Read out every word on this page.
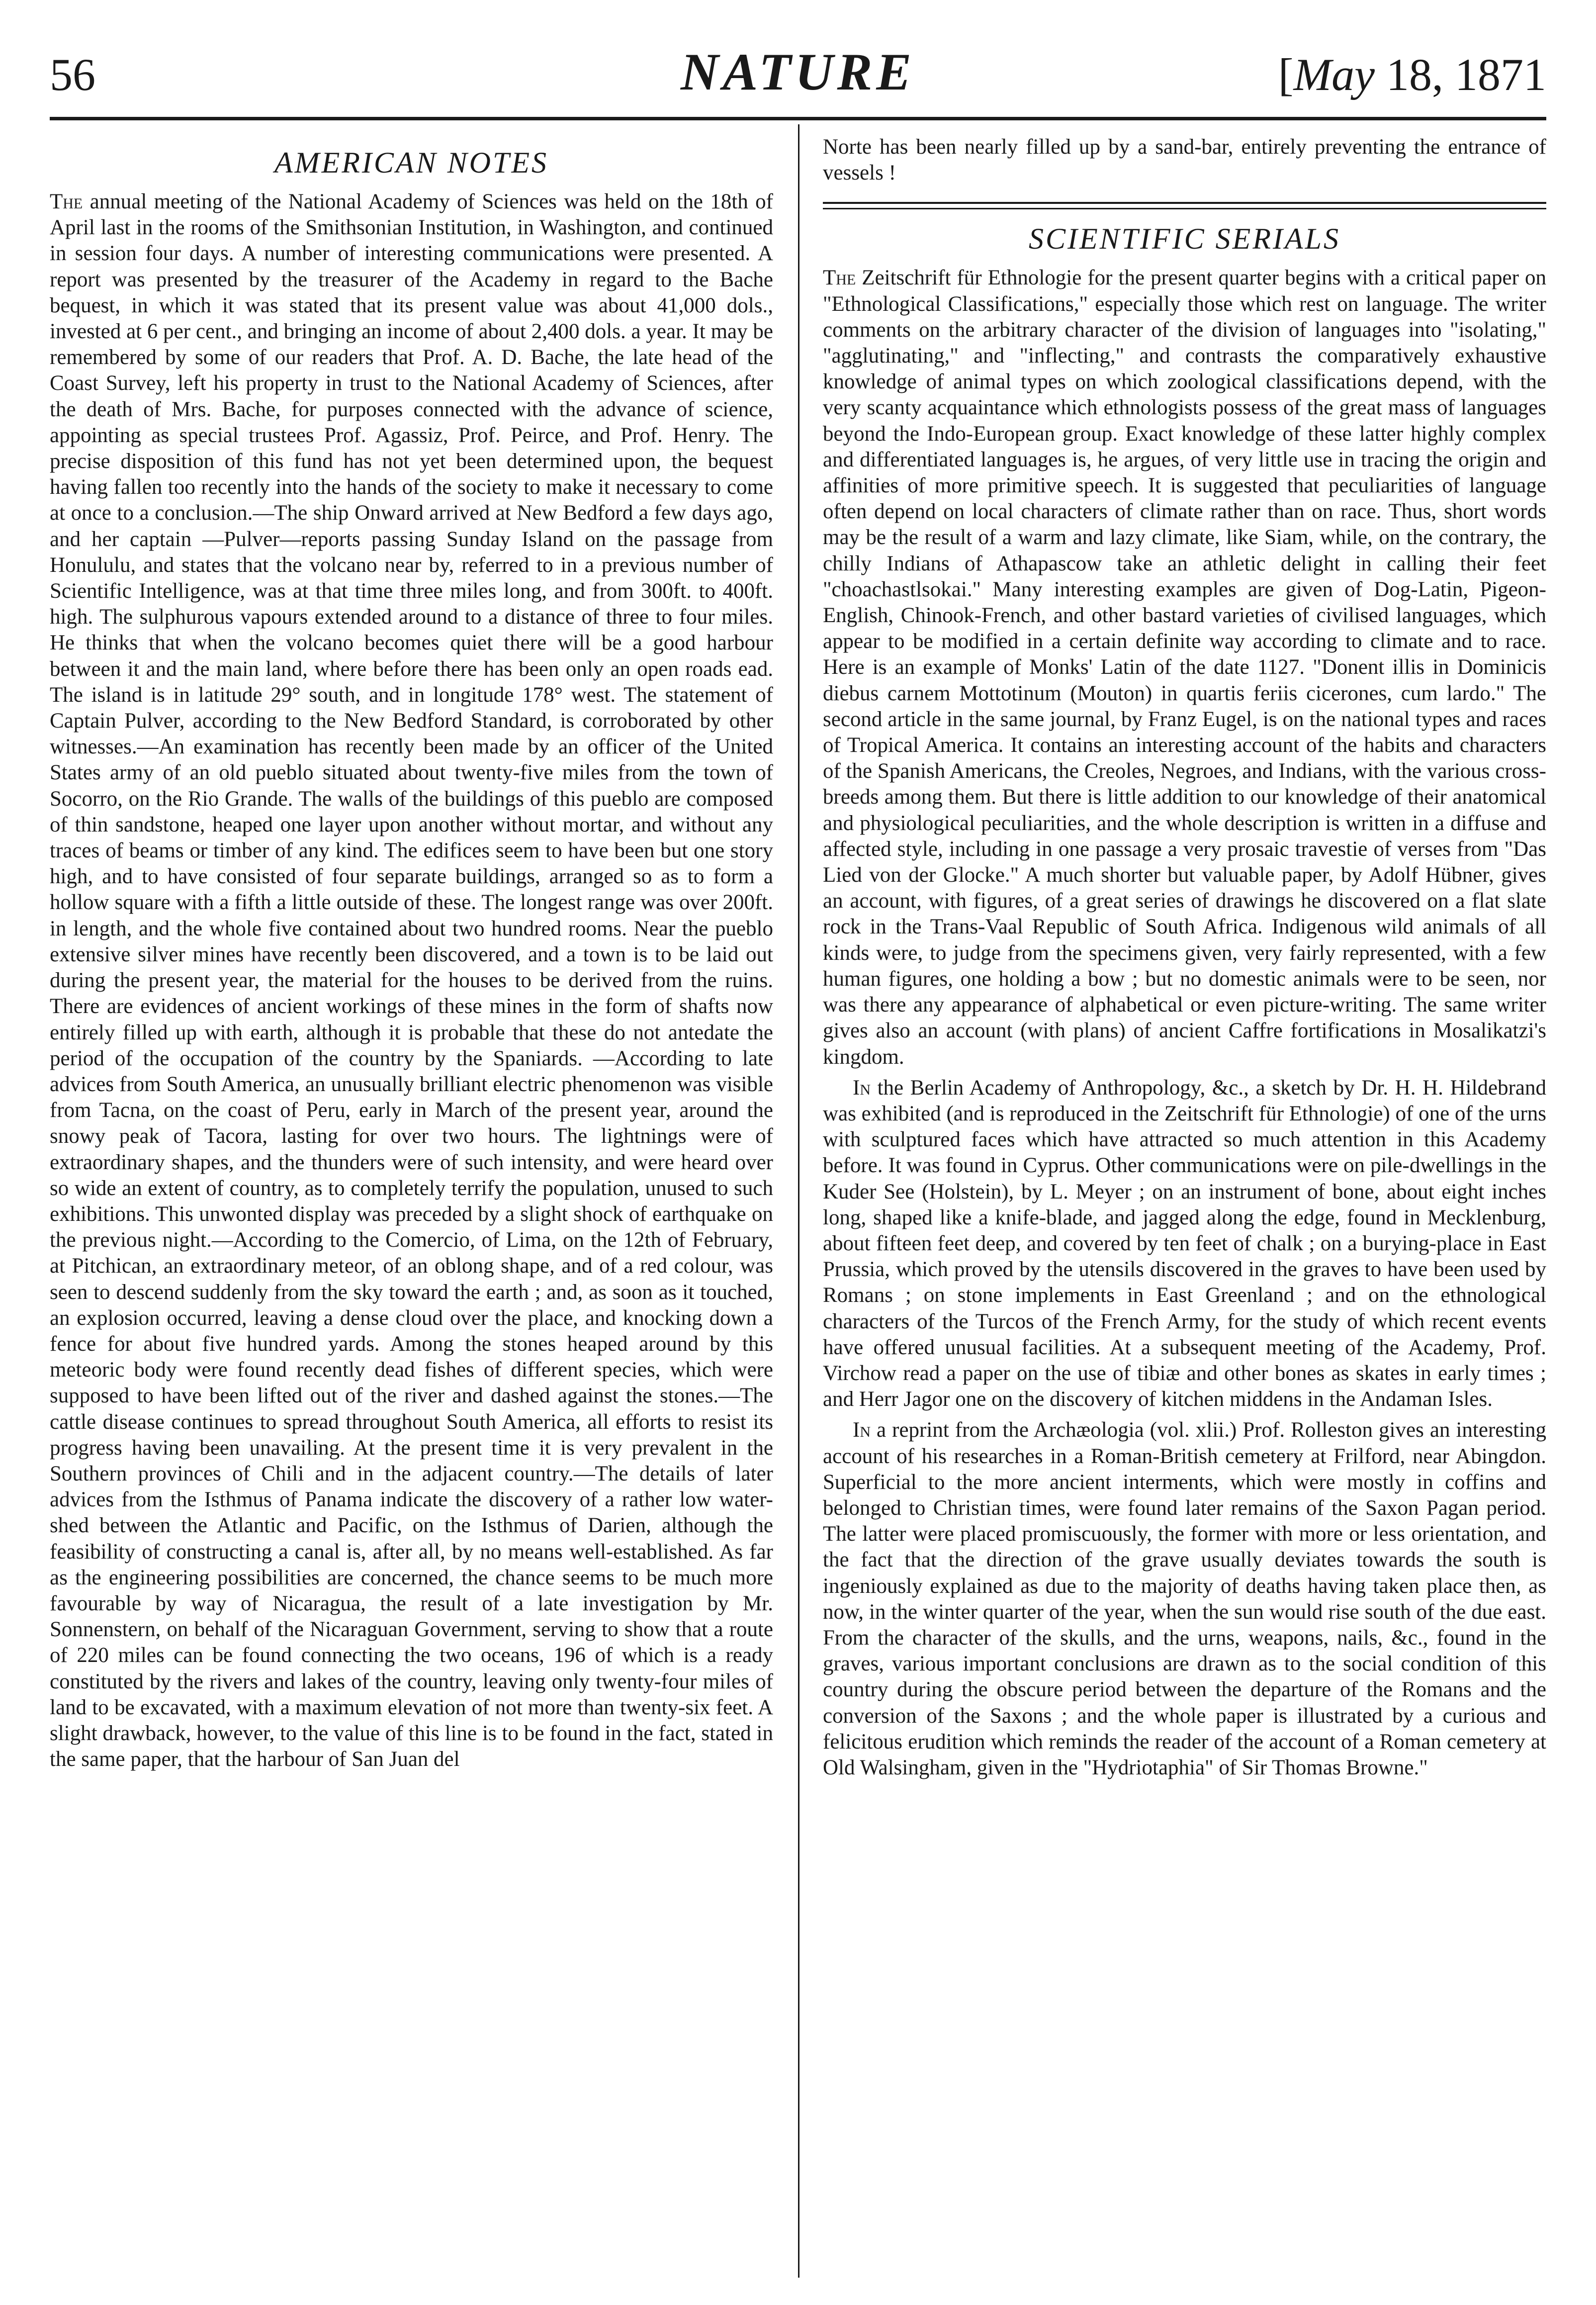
56	NATURE	[May 18, 1871
AMERICAN NOTES

The annual meeting of the National Academy of Sciences was held on the 18th of April last in the rooms of the Smithsonian Institution, in Washington, and continued in session four days. A number of interesting communications were presented. A report was presented by the treasurer of the Academy in regard to the Bache bequest, in which it was stated that its present value was about 41,000 dols., invested at 6 per cent., and bringing an income of about 2,400 dols. a year. It may be remembered by some of our readers that Prof. A. D. Bache, the late head of the Coast Survey, left his property in trust to the National Academy of Sciences, after the death of Mrs. Bache, for purposes connected with the advance of science, appointing as special trustees Prof. Agassiz, Prof. Peirce, and Prof. Henry. The precise disposition of this fund has not yet been determined upon, the bequest having fallen too recently into the hands of the society to make it necessary to come at once to a conclusion.—The ship Onward arrived at New Bedford a few days ago, and her captain —Pulver—reports passing Sunday Island on the passage from Honululu, and states that the volcano near by, referred to in a previous number of Scientific Intelligence, was at that time three miles long, and from 300ft. to 400ft. high. The sulphurous vapours extended around to a distance of three to four miles. He thinks that when the volcano becomes quiet there will be a good harbour between it and the main land, where before there has been only an open roads ead. The island is in latitude 29° south, and in longitude 178° west. The statement of Captain Pulver, according to the New Bedford Standard, is corroborated by other witnesses.—An examination has recently been made by an officer of the United States army of an old pueblo situated about twenty-five miles from the town of Socorro, on the Rio Grande. The walls of the buildings of this pueblo are composed of thin sandstone, heaped one layer upon another without mortar, and without any traces of beams or timber of any kind. The edifices seem to have been but one story high, and to have consisted of four separate buildings, arranged so as to form a hollow square with a fifth a little outside of these. The longest range was over 200ft. in length, and the whole five contained about two hundred rooms. Near the pueblo extensive silver mines have recently been discovered, and a town is to be laid out during the present year, the material for the houses to be derived from the ruins. There are evidences of ancient workings of these mines in the form of shafts now entirely filled up with earth, although it is probable that these do not antedate the period of the occupation of the country by the Spaniards. —According to late advices from South America, an unusually brilliant electric phenomenon was visible from Tacna, on the coast of Peru, early in March of the present year, around the snowy peak of Tacora, lasting for over two hours. The lightnings were of extraordinary shapes, and the thunders were of such intensity, and were heard over so wide an extent of country, as to completely terrify the population, unused to such exhibitions. This unwonted display was preceded by a slight shock of earthquake on the previous night.—According to the Comercio, of Lima, on the 12th of February, at Pitchican, an extraordinary meteor, of an oblong shape, and of a red colour, was seen to descend suddenly from the sky toward the earth ; and, as soon as it touched, an explosion occurred, leaving a dense cloud over the place, and knocking down a fence for about five hundred yards. Among the stones heaped around by this meteoric body were found recently dead fishes of different species, which were supposed to have been lifted out of the river and dashed against the stones.—The cattle disease continues to spread throughout South America, all efforts to resist its progress having been unavailing. At the present time it is very prevalent in the Southern provinces of Chili and in the adjacent country.—The details of later advices from the Isthmus of Panama indicate the discovery of a rather low water-shed between the Atlantic and Pacific, on the Isthmus of Darien, although the feasibility of constructing a canal is, after all, by no means well-established. As far as the engineering possibilities are concerned, the chance seems to be much more favourable by way of Nicaragua, the result of a late investigation by Mr. Sonnenstern, on behalf of the Nicaraguan Government, serving to show that a route of 220 miles can be found connecting the two oceans, 196 of which is a ready constituted by the rivers and lakes of the country, leaving only twenty-four miles of land to be excavated, with a maximum elevation of not more than twenty-six feet. A slight drawback, however, to the value of this line is to be found in the fact, stated in the same paper, that the harbour of San Juan del

Norte has been nearly filled up by a sand-bar, entirely preventing the entrance of vessels !

SCIENTIFIC SERIALS

The Zeitschrift für Ethnologie for the present quarter begins with a critical paper on "Ethnological Classifications," especially those which rest on language. The writer comments on the arbitrary character of the division of languages into "isolating," "agglutinating," and "inflecting," and contrasts the comparatively exhaustive knowledge of animal types on which zoological classifications depend, with the very scanty acquaintance which ethnologists possess of the great mass of languages beyond the Indo-European group. Exact knowledge of these latter highly complex and differentiated languages is, he argues, of very little use in tracing the origin and affinities of more primitive speech. It is suggested that peculiarities of language often depend on local characters of climate rather than on race. Thus, short words may be the result of a warm and lazy climate, like Siam, while, on the contrary, the chilly Indians of Athapascow take an athletic delight in calling their feet "choachastlsokai." Many interesting examples are given of Dog-Latin, Pigeon-English, Chinook-French, and other bastard varieties of civilised languages, which appear to be modified in a certain definite way according to climate and to race. Here is an example of Monks' Latin of the date 1127. "Donent illis in Dominicis diebus carnem Mottotinum (Mouton) in quartis feriis cicerones, cum lardo." The second article in the same journal, by Franz Eugel, is on the national types and races of Tropical America. It contains an interesting account of the habits and characters of the Spanish Americans, the Creoles, Negroes, and Indians, with the various cross-breeds among them. But there is little addition to our knowledge of their anatomical and physiological peculiarities, and the whole description is written in a diffuse and affected style, including in one passage a very prosaic travestie of verses from "Das Lied von der Glocke." A much shorter but valuable paper, by Adolf Hübner, gives an account, with figures, of a great series of drawings he discovered on a flat slate rock in the Trans-Vaal Republic of South Africa. Indigenous wild animals of all kinds were, to judge from the specimens given, very fairly represented, with a few human figures, one holding a bow ; but no domestic animals were to be seen, nor was there any appearance of alphabetical or even picture-writing. The same writer gives also an account (with plans) of ancient Caffre fortifications in Mosalikatzi's kingdom.

In the Berlin Academy of Anthropology, &c., a sketch by Dr. H. H. Hildebrand was exhibited (and is reproduced in the Zeitschrift für Ethnologie) of one of the urns with sculptured faces which have attracted so much attention in this Academy before. It was found in Cyprus. Other communications were on pile-dwellings in the Kuder See (Holstein), by L. Meyer ; on an instrument of bone, about eight inches long, shaped like a knife-blade, and jagged along the edge, found in Mecklenburg, about fifteen feet deep, and covered by ten feet of chalk ; on a burying-place in East Prussia, which proved by the utensils discovered in the graves to have been used by Romans ; on stone implements in East Greenland ; and on the ethnological characters of the Turcos of the French Army, for the study of which recent events have offered unusual facilities. At a subsequent meeting of the Academy, Prof. Virchow read a paper on the use of tibiæ and other bones as skates in early times ; and Herr Jagor one on the discovery of kitchen middens in the Andaman Isles.

In a reprint from the Archæologia (vol. xlii.) Prof. Rolleston gives an interesting account of his researches in a Roman-British cemetery at Frilford, near Abingdon. Superficial to the more ancient interments, which were mostly in coffins and belonged to Christian times, were found later remains of the Saxon Pagan period. The latter were placed promiscuously, the former with more or less orientation, and the fact that the direction of the grave usually deviates towards the south is ingeniously explained as due to the majority of deaths having taken place then, as now, in the winter quarter of the year, when the sun would rise south of the due east. From the character of the skulls, and the urns, weapons, nails, &c., found in the graves, various important conclusions are drawn as to the social condition of this country during the obscure period between the departure of the Romans and the conversion of the Saxons ; and the whole paper is illustrated by a curious and felicitous erudition which reminds the reader of the account of a Roman cemetery at Old Walsingham, given in the "Hydriotaphia" of Sir Thomas Browne."
